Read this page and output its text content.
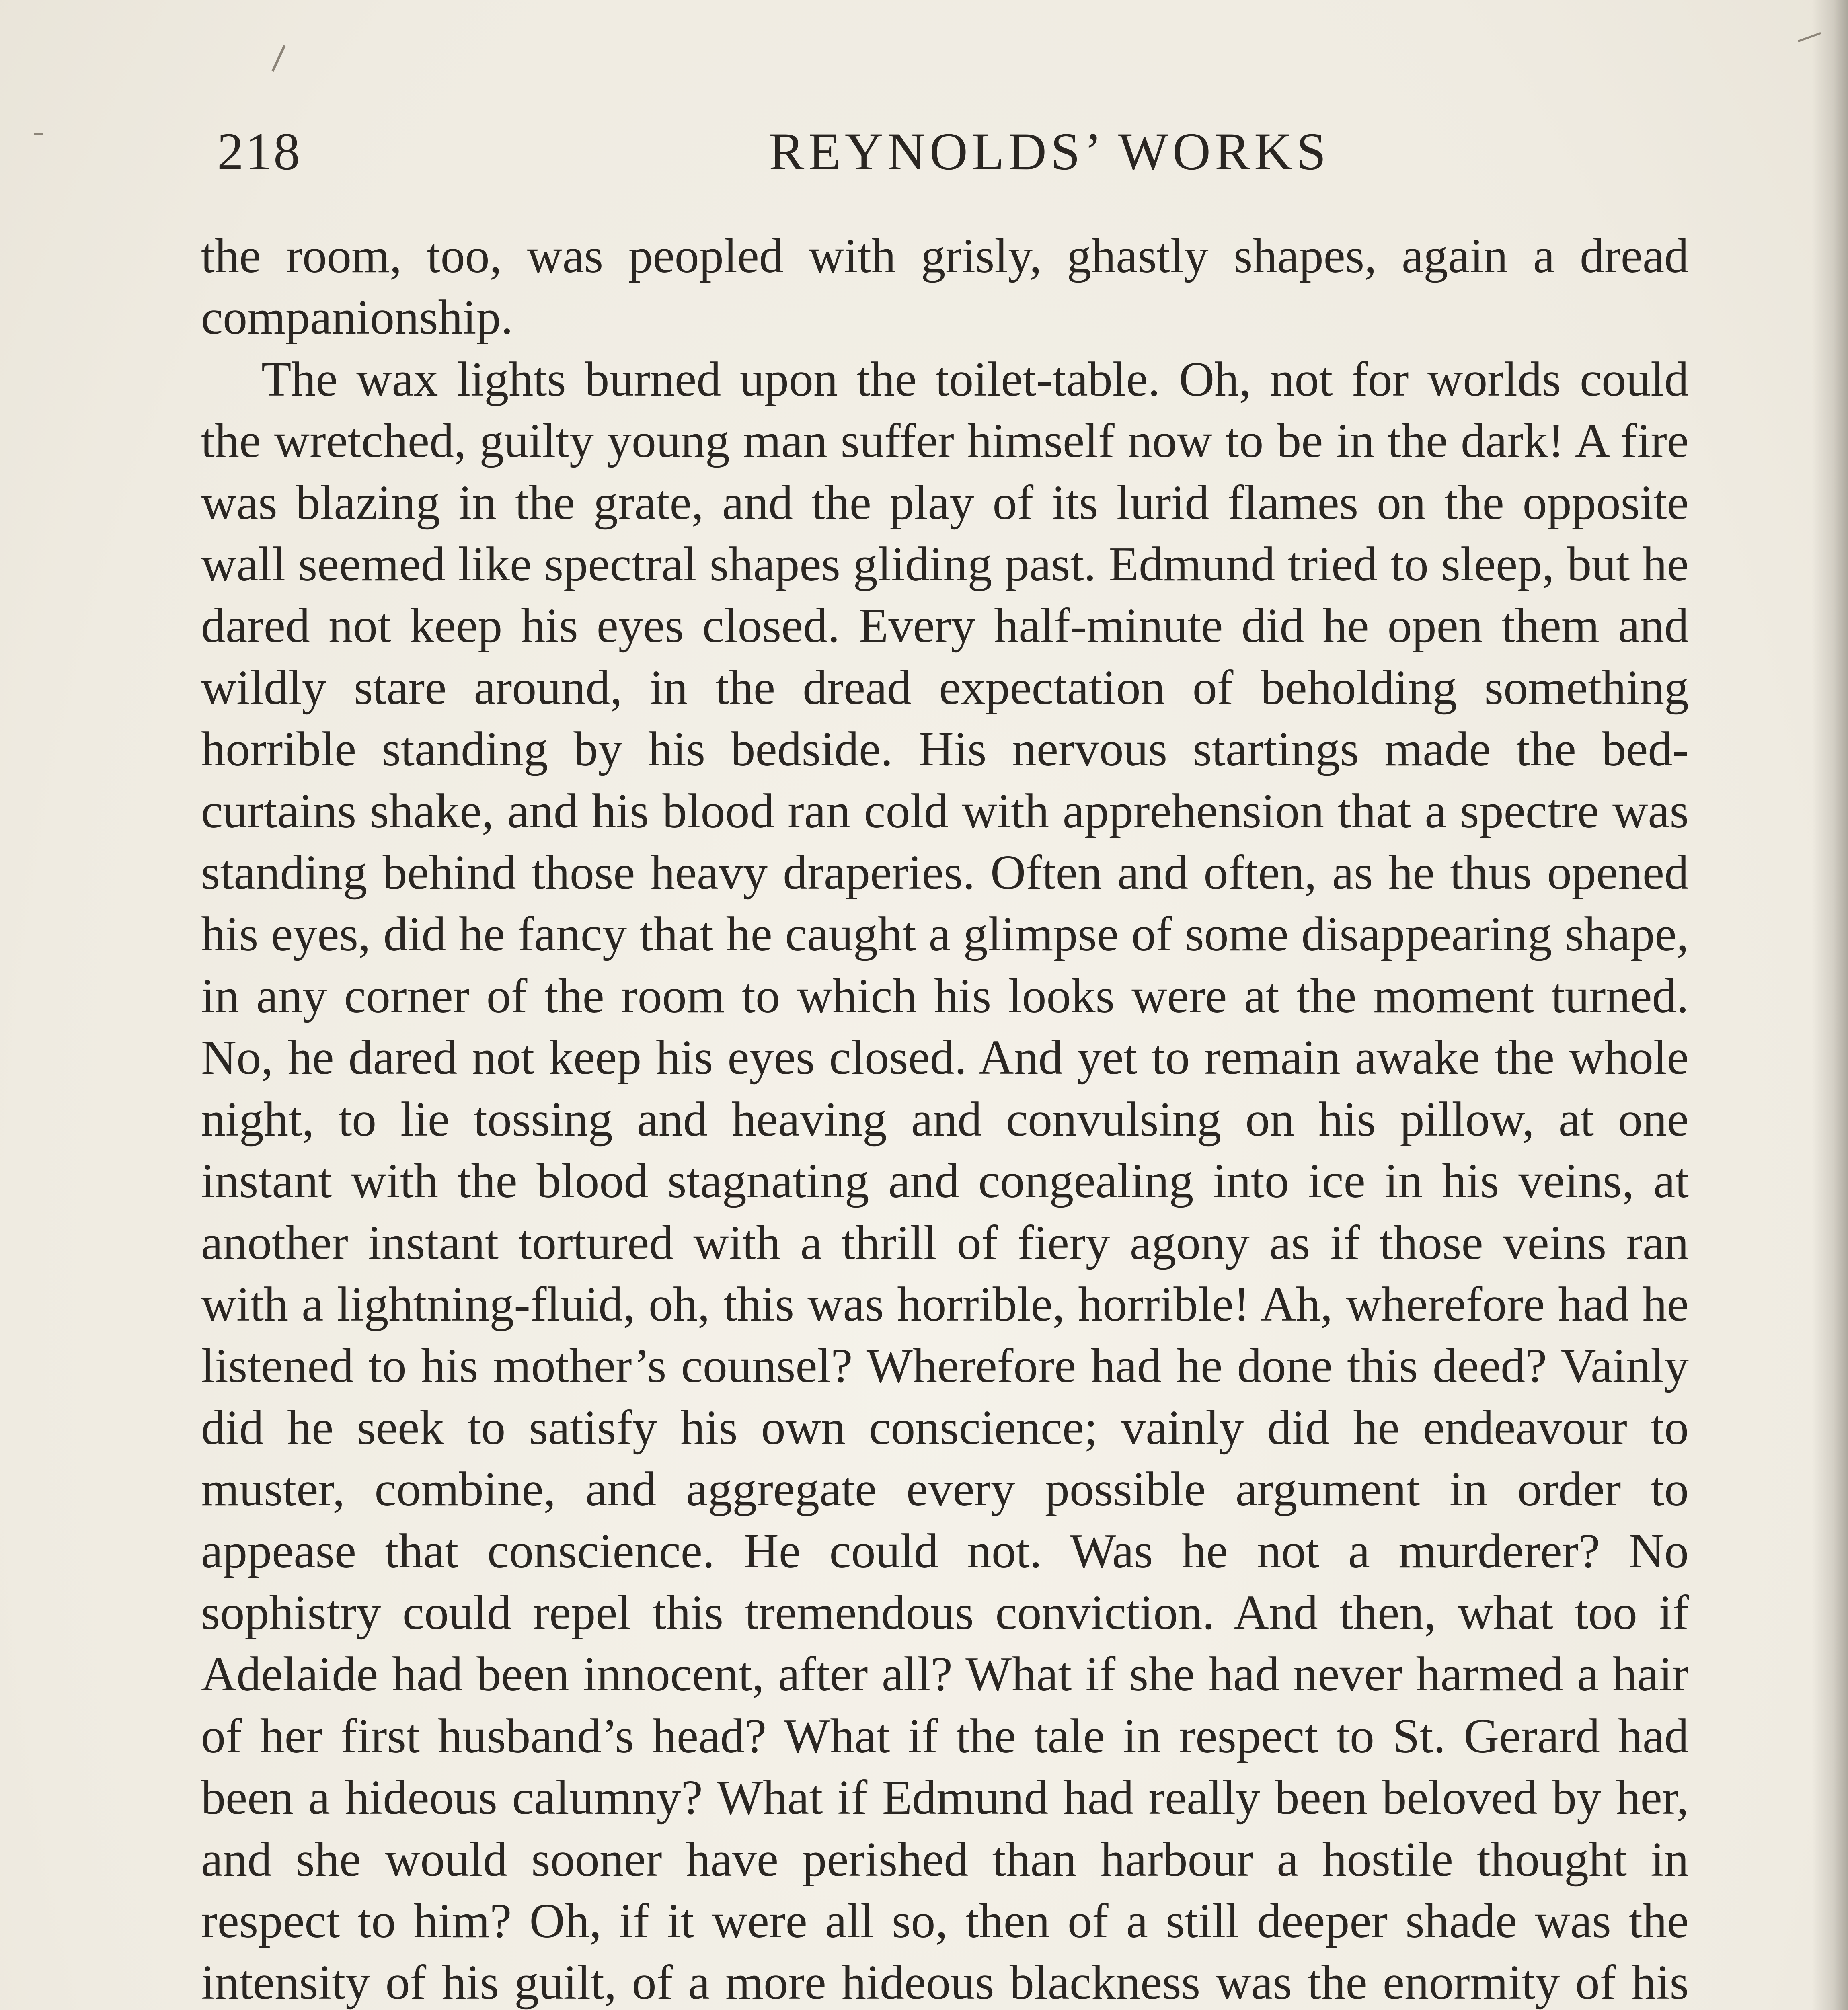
218	REYNOLDS’ WORKS

the room, too, was peopled with grisly, ghastly shapes, again a dread companionship.

The wax lights burned upon the toilet-table. Oh, not for worlds could the wretched, guilty young man suffer himself now to be in the dark! A fire was blazing in the grate, and the play of its lurid flames on the opposite wall seemed like spectral shapes gliding past. Edmund tried to sleep, but he dared not keep his eyes closed. Every half-minute did he open them and wildly stare around, in the dread expectation of beholding something horrible standing by his bedside. His nervous startings made the bed-curtains shake, and his blood ran cold with apprehension that a spectre was standing behind those heavy draperies. Often and often, as he thus opened his eyes, did he fancy that he caught a glimpse of some disappearing shape, in any corner of the room to which his looks were at the moment turned. No, he dared not keep his eyes closed. And yet to remain awake the whole night, to lie tossing and heaving and convulsing on his pillow, at one instant with the blood stagnating and congealing into ice in his veins, at another instant tortured with a thrill of fiery agony as if those veins ran with a lightning-fluid, oh, this was horrible, horrible! Ah, wherefore had he listened to his mother’s counsel? Wherefore had he done this deed? Vainly did he seek to satisfy his own conscience; vainly did he endeavour to muster, combine, and aggregate every possible argument in order to appease that conscience. He could not. Was he not a murderer? No sophistry could repel this tremendous conviction. And then, what too if Adelaide had been innocent, after all? What if she had never harmed a hair of her first husband’s head? What if the tale in respect to St. Gerard had been a hideous calumny? What if Edmund had really been beloved by her, and she would sooner have perished than harbour a hostile thought in respect to him? Oh, if it were all so, then of a still deeper shade was the intensity of his guilt, of a more hideous blackness was the enormity of his
